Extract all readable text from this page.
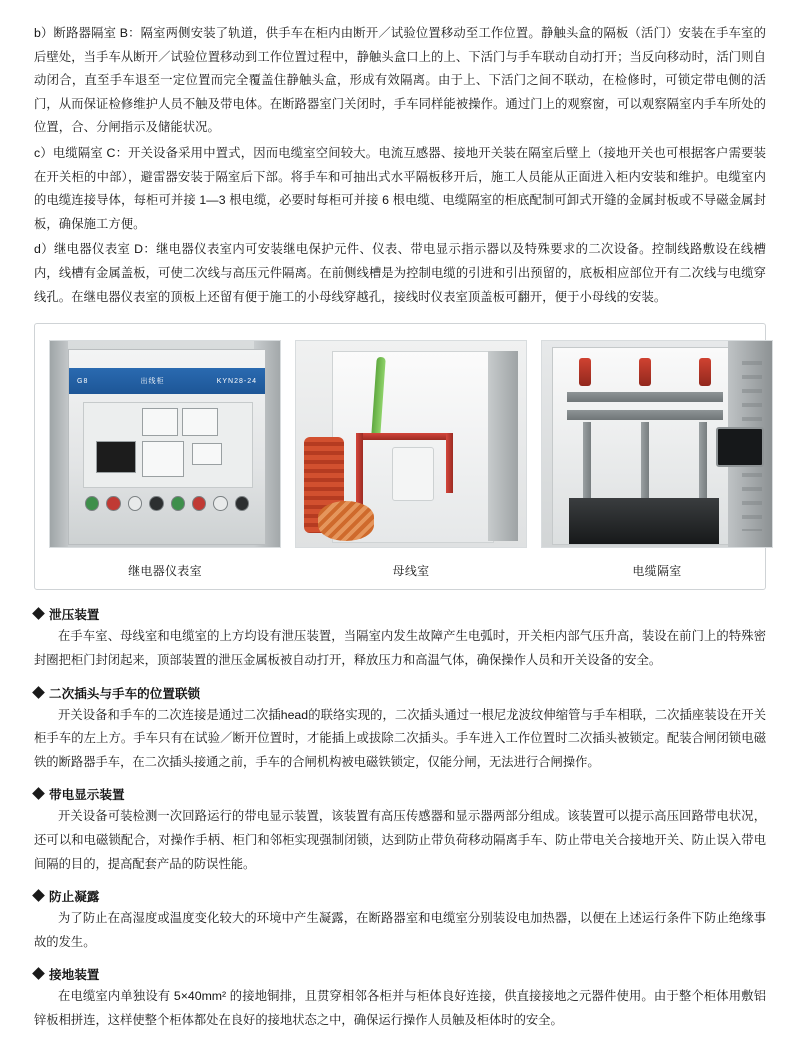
b）断路器隔室 B：隔室两侧安装了轨道，供手车在柜内由断开／试验位置移动至工作位置。静触头盒的隔板（活门）安装在手车室的后壁处，当手车从断开／试验位置移动到工作位置过程中，静触头盒口上的上、下活门与手车联动自动打开；当反向移动时，活门则自动闭合，直至手车退至一定位置而完全覆盖住静触头盒，形成有效隔离。由于上、下活门之间不联动，在检修时，可锁定带电侧的活门，从而保证检修维护人员不触及带电体。在断路器室门关闭时，手车同样能被操作。通过门上的观察窗，可以观察隔室内手车所处的位置，合、分闸指示及储能状况。

c）电缆隔室 C：开关设备采用中置式，因而电缆室空间较大。电流互感器、接地开关装在隔室后壁上（接地开关也可根据客户需要装在开关柜的中部），避雷器安装于隔室后下部。将手车和可抽出式水平隔板移开后，施工人员能从正面进入柜内安装和维护。电缆室内的电缆连接导体，每柜可并接 1—3 根电缆，必要时每柜可并接 6 根电缆、电缆隔室的柜底配制可卸式开缝的金属封板或不导磁金属封板，确保施工方便。

d）继电器仪表室 D：继电器仪表室内可安装继电保护元件、仪表、带电显示指示器以及特殊要求的二次设备。控制线路敷设在线槽内，线槽有金属盖板，可使二次线与高压元件隔离。在前侧线槽是为控制电缆的引进和引出预留的，底板相应部位开有二次线与电缆穿线孔。在继电器仪表室的顶板上还留有便于施工的小母线穿越孔，接线时仪表室顶盖板可翻开，便于小母线的安装。

G8	出线柜	KYN28-24
继电器仪表室	母线室	电缆隔室
泄压装置

在手车室、母线室和电缆室的上方均设有泄压装置，当隔室内发生故障产生电弧时，开关柜内部气压升高，装设在前门上的特殊密封圈把柜门封闭起来，顶部装置的泄压金属板被自动打开，释放压力和高温气体，确保操作人员和开关设备的安全。

二次插头与手车的位置联锁

开关设备和手车的二次连接是通过二次插head的联络实现的，二次插头通过一根尼龙波纹伸缩管与手车相联，二次插座装设在开关柜手车的左上方。手车只有在试验／断开位置时，才能插上或拔除二次插头。手车进入工作位置时二次插头被锁定。配装合闸闭锁电磁铁的断路器手车，在二次插头接通之前，手车的合闸机构被电磁铁锁定，仅能分闸，无法进行合闸操作。

带电显示装置

开关设备可装检测一次回路运行的带电显示装置，该装置有高压传感器和显示器两部分组成。该装置可以提示高压回路带电状况，还可以和电磁锁配合，对操作手柄、柜门和邻柜实现强制闭锁，达到防止带负荷移动隔离手车、防止带电关合接地开关、防止误入带电间隔的目的，提高配套产品的防误性能。

防止凝露

为了防止在高湿度或温度变化较大的环境中产生凝露，在断路器室和电缆室分别装设电加热器，以便在上述运行条件下防止绝缘事故的发生。

接地装置

在电缆室内单独设有 5×40mm² 的接地铜排，且贯穿相邻各柜并与柜体良好连接，供直接接地之元器件使用。由于整个柜体用敷铝锌板相拼连，这样使整个柜体都处在良好的接地状态之中，确保运行操作人员触及柜体时的安全。
